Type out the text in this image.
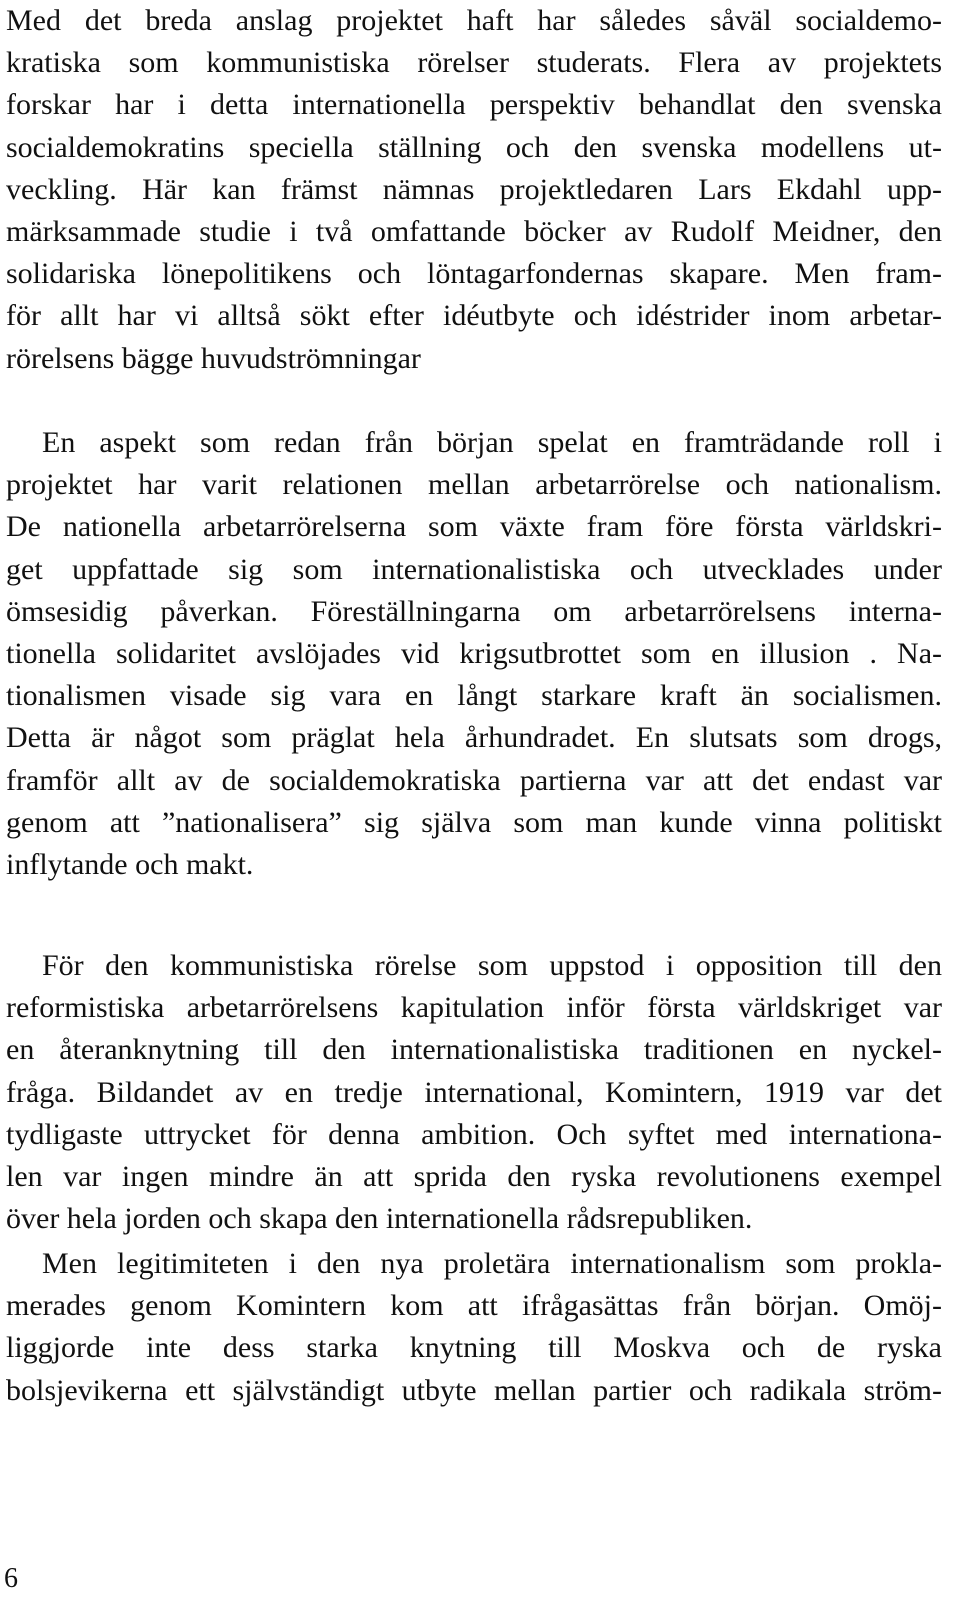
Med det breda anslag projektet haft har således såväl socialdemo-
kratiska som kommunistiska rörelser studerats. Flera av projektets
forskar har i detta internationella perspektiv behandlat den svenska
socialdemokratins speciella ställning och den svenska modellens ut-
veckling. Här kan främst nämnas projektledaren Lars Ekdahl upp-
märksammade studie i två omfattande böcker av Rudolf Meidner, den
solidariska lönepolitikens och löntagarfondernas skapare. Men fram-
för allt har vi alltså sökt efter idéutbyte och idéstrider inom arbetar-
rörelsens bägge huvudströmningar
En aspekt som redan från början spelat en framträdande roll i
projektet har varit relationen mellan arbetarrörelse och nationalism.
De nationella arbetarrörelserna som växte fram före första världskri-
get uppfattade sig som internationalistiska och utvecklades under
ömsesidig påverkan. Föreställningarna om arbetarrörelsens interna-
tionella solidaritet avslöjades vid krigsutbrottet som en illusion . Na-
tionalismen visade sig vara en långt starkare kraft än socialismen.
Detta är något som präglat hela århundradet. En slutsats som drogs,
framför allt av de socialdemokratiska partierna var att det endast var
genom att ”nationalisera” sig själva som man kunde vinna politiskt
inflytande och makt.
För den kommunistiska rörelse som uppstod i opposition till den
reformistiska arbetarrörelsens kapitulation inför första världskriget var
en återanknytning till den internationalistiska traditionen en nyckel-
fråga. Bildandet av en tredje international, Komintern, 1919 var det
tydligaste uttrycket för denna ambition. Och syftet med internationa-
len var ingen mindre än att sprida den ryska revolutionens exempel
över hela jorden och skapa den internationella rådsrepubliken.
Men legitimiteten i den nya proletära internationalism som prokla-
merades genom Komintern kom att ifrågasättas från början. Omöj-
liggjorde inte dess starka knytning till Moskva och de ryska
bolsjevikerna ett självständigt utbyte mellan partier och radikala ström-
6
